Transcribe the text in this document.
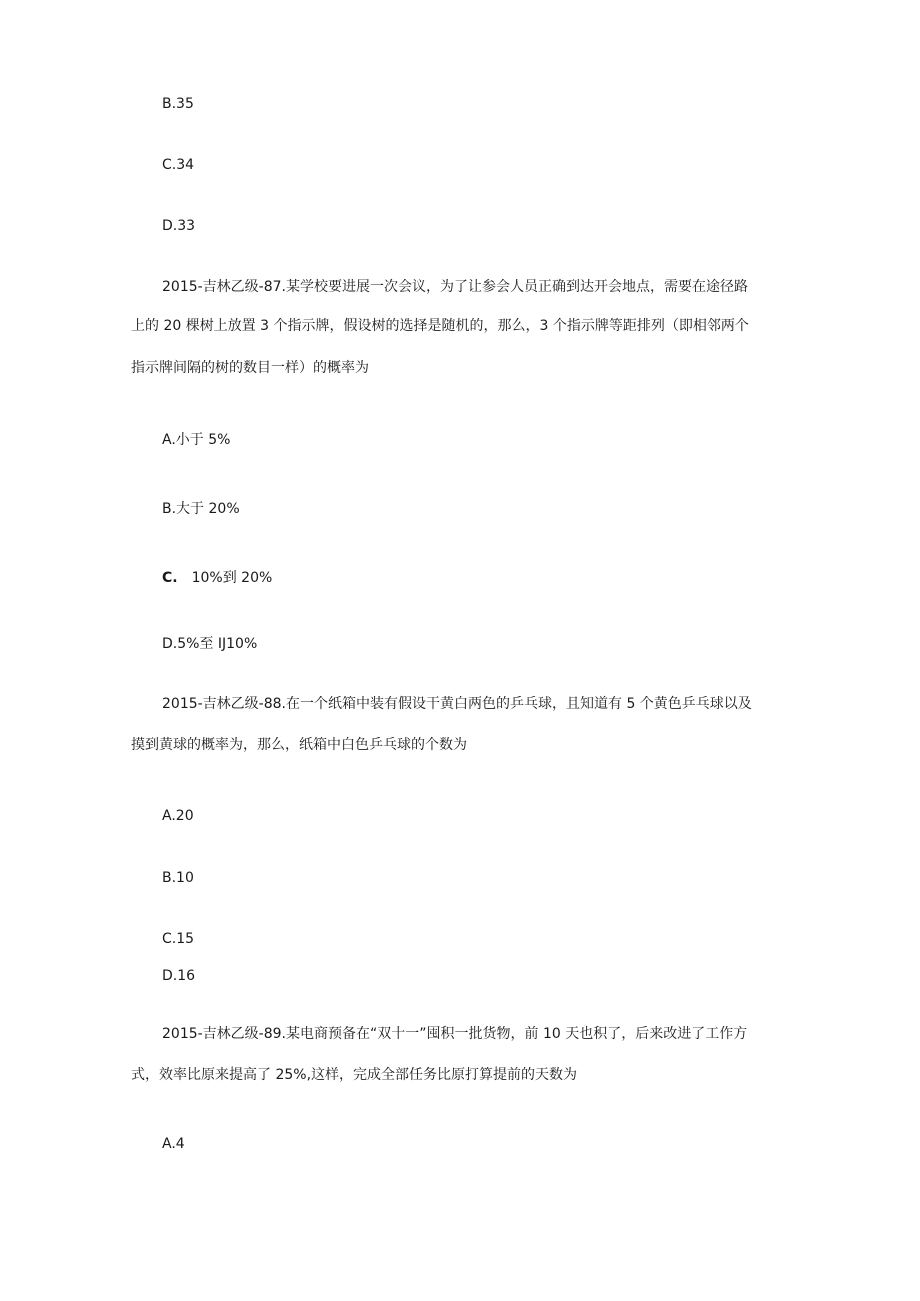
B.35

C.34

D.33

2015-吉林乙级-87.某学校要进展一次会议，为了让参会人员正确到达开会地点，需要在途径路

上的 20 棵树上放置 3 个指示牌，假设树的选择是随机的，那么，3 个指示牌等距排列（即相邻两个

指示牌间隔的树的数目一样）的概率为

A.小于 5%

B.大于 20%

C. 10%到 20%

D.5%至 IJ10%

2015-吉林乙级-88.在一个纸箱中装有假设干黄白两色的乒乓球，且知道有 5 个黄色乒乓球以及

摸到黄球的概率为，那么，纸箱中白色乒乓球的个数为

A.20

B.10

C.15

D.16

2015-吉林乙级-89.某电商预备在“双十一”囤积一批货物，前 10 天也积了，后来改进了工作方

式，效率比原来提高了 25%,这样，完成全部任务比原打算提前的天数为

A.4
